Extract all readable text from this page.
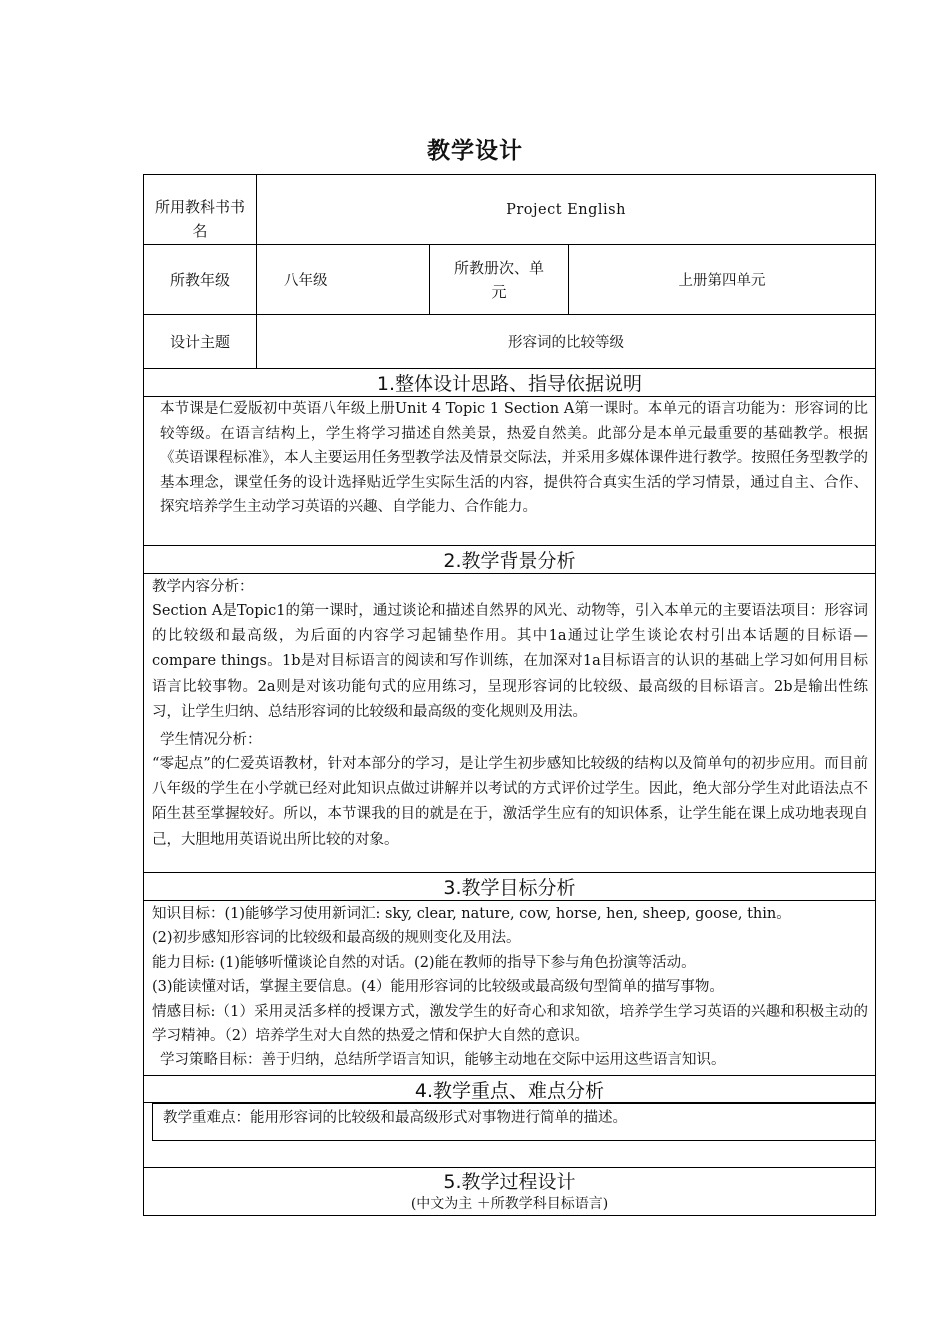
教学设计
所用教科书书名
Project English
所教年级	八年级
所教册次、单元
上册第四单元
设计主题	形容词的比较等级
1.整体设计思路、指导依据说明
本节课是仁爱版初中英语八年级上册Unit 4 Topic 1 Section A第一课时。本单元的语言功能为：形容词的比较等级。在语言结构上，学生将学习描述自然美景，热爱自然美。此部分是本单元最重要的基础教学。根据《英语课程标准》，本人主要运用任务型教学法及情景交际法，并采用多媒体课件进行教学。按照任务型教学的基本理念，课堂任务的设计选择贴近学生实际生活的内容，提供符合真实生活的学习情景，通过自主、合作、探究培养学生主动学习英语的兴趣、自学能力、合作能力。
2.教学背景分析

教学内容分析：

Section A是Topic1的第一课时，通过谈论和描述自然界的风光、动物等，引入本单元的主要语法项目：形容词的比较级和最高级，为后面的内容学习起铺垫作用。其中1a通过让学生谈论农村引出本话题的目标语—compare things。1b是对目标语言的阅读和写作训练，在加深对1a目标语言的认识的基础上学习如何用目标语言比较事物。2a则是对该功能句式的应用练习，呈现形容词的比较级、最高级的目标语言。2b是输出性练习，让学生归纳、总结形容词的比较级和最高级的变化规则及用法。

学生情况分析：

“零起点”的仁爱英语教材，针对本部分的学习，是让学生初步感知比较级的结构以及简单句的初步应用。而目前八年级的学生在小学就已经对此知识点做过讲解并以考试的方式评价过学生。因此，绝大部分学生对此语法点不陌生甚至掌握较好。所以，本节课我的目的就是在于，激活学生应有的知识体系，让学生能在课上成功地表现自己，大胆地用英语说出所比较的对象。

3.教学目标分析

知识目标：(1)能够学习使用新词汇: sky, clear, nature, cow, horse, hen, sheep, goose, thin。

(2)初步感知形容词的比较级和最高级的规则变化及用法。

能力目标: (1)能够听懂谈论自然的对话。(2)能在教师的指导下参与角色扮演等活动。

(3)能读懂对话，掌握主要信息。(4）能用形容词的比较级或最高级句型简单的描写事物。

情感目标:（1）采用灵活多样的授课方式，激发学生的好奇心和求知欲，培养学生学习英语的兴趣和积极主动的学习精神。（2）培养学生对大自然的热爱之情和保护大自然的意识。

学习策略目标：善于归纳，总结所学语言知识，能够主动地在交际中运用这些语言知识。

4.教学重点、难点分析
教学重难点：能用形容词的比较级和最高级形式对事物进行简单的描述。
5.教学过程设计
(中文为主 ＋所教学科目标语言)
